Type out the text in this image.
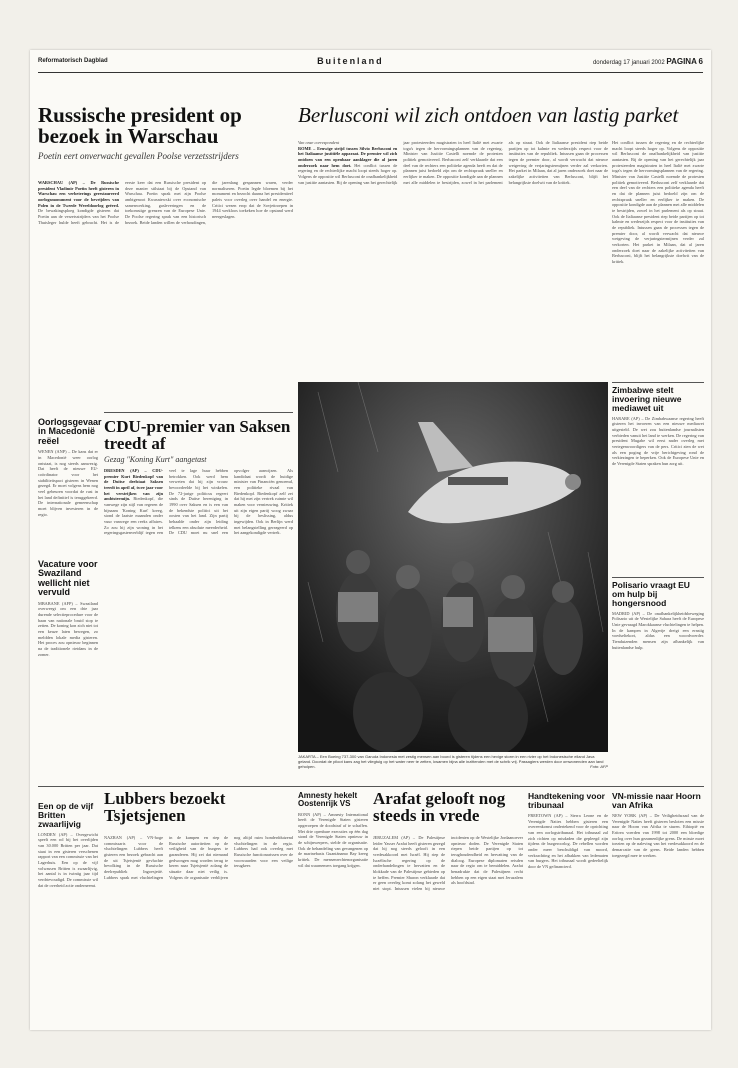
Reformatorisch Dagblad	Buitenland	donderdag 17 januari 2002 PAGINA 6
Russische president op bezoek in Warschau
Poetin eert onverwacht gevallen Poolse verzetsstrijders
WARSCHAU (AP) – De Russische president Vladimir Poetin heeft gisteren in Warschau een verbeterings gerestaureerd oorlogsmonument voor de bevrijders van Polen in de Tweede Wereldoorlog geëerd. De bewakingsploeg kondigde gisteren dat Poetin aan de verzetsstrijders van het Poolse Thuisleger hulde heeft gebracht. Het is de eerste keer dat een Russische president op deze manier stilstaat bij de Opstand van Warschau. Poetin sprak met zijn Poolse ambtgenoot Kwasniewski over economische samenwerking, gasleveringen en de toekomstige grenzen van de Europese Unie. De Poolse regering sprak van een historisch bezoek. Beide landen willen de verhoudingen, die jarenlang gespannen waren, verder normaliseren. Poetin legde bloemen bij het monument en bezocht daarna het presidentieel paleis voor overleg over handel en energie. Critici wezen erop dat de Sovjettroepen in 1944 werkloos toekeken hoe de opstand werd neergeslagen.
Berlusconi wil zich ontdoen van lastig parket
Van onze correspondent
ROME – Eeuwige strijd tussen Silvio Berlusconi en het Italiaanse justitiële apparaat. De premier wil zich ontdoen van een openbaar aanklager die al jaren onderzoek naar hem doet. Het conflict tussen de regering en de rechterlijke macht loopt steeds hoger op. Volgens de oppositie wil Berlusconi de onafhankelijkheid van justitie aantasten. Bij de opening van het gerechtelijk jaar protesteerden magistraten in heel Italië met zwarte toga's tegen de hervormingsplannen van de regering. Minister van Justitie Castelli noemde de protesten politiek gemotiveerd. Berlusconi zelf verklaarde dat een deel van de rechters een politieke agenda heeft en dat de plannen juist bedoeld zijn om de rechtspraak sneller en eerlijker te maken. De oppositie kondigde aan de plannen met alle middelen te bestrijden, zowel in het parlement als op straat. Ook de Italiaanse president riep beide partijen op tot kalmte en wederzijds respect voor de instituties van de republiek. Intussen gaan de processen tegen de premier door, al wordt verwacht dat nieuwe wetgeving de verjaringstermijnen verder zal verkorten. Het parket in Milaan, dat al jaren onderzoek doet naar de zakelijke activiteiten van Berlusconi, blijft het belangrijkste doelwit van de kritiek.
Het conflict tussen de regering en de rechterlijke macht loopt steeds hoger op. Volgens de oppositie wil Berlusconi de onafhankelijkheid van justitie aantasten. Bij de opening van het gerechtelijk jaar protesteerden magistraten in heel Italië met zwarte toga's tegen de hervormingsplannen van de regering. Minister van Justitie Castelli noemde de protesten politiek gemotiveerd. Berlusconi zelf verklaarde dat een deel van de rechters een politieke agenda heeft en dat de plannen juist bedoeld zijn om de rechtspraak sneller en eerlijker te maken. De oppositie kondigde aan de plannen met alle middelen te bestrijden, zowel in het parlement als op straat. Ook de Italiaanse president riep beide partijen op tot kalmte en wederzijds respect voor de instituties van de republiek. Intussen gaan de processen tegen de premier door, al wordt verwacht dat nieuwe wetgeving de verjaringstermijnen verder zal verkorten. Het parket in Milaan, dat al jaren onderzoek doet naar de zakelijke activiteiten van Berlusconi, blijft het belangrijkste doelwit van de kritiek.
Oorlogsgevaar in Macedonië reëel
WENEN (ANP) – De kans dat er in Macedonië weer oorlog ontstaat, is nog steeds aanwezig. Dat heeft de nieuwe EU-coördinator voor het stabiliteitspact gisteren in Wenen gezegd. Er moet volgens hem nog veel gebeuren voordat de rust in het land definitief is teruggekeerd. De internationale gemeenschap moet blijven investeren in de regio.
Vacature voor Swaziland wellicht niet vervuld
MBABANE (AFP) – Swaziland overweegt om een drie jaar durende selectieprocedure voor de baan van nationale bruid stop te zetten. De koning kon zich niet tot een keuze laten bewegen, zo meldden lokale media gisteren. Het proces zou opnieuw beginnen na de traditionele rietdans in de zomer.
CDU-premier van Saksen treedt af
Gezag "Koning Kurt" aangetast
DRESDEN (AP) – CDU-premier Kurt Biedenkopf van de Duitse deelstaat Saksen treedt in april af, twee jaar voor het verstrijken van zijn ambtstermijn. Biedenkopf, die vanwege zijn stijl van regeren de bijnaam 'Koning Kurt' kreeg, stond de laatste maanden onder vuur vanwege een reeks affaires. Zo zou hij zijn woning in het regeringsgastenverblijf tegen een veel te lage huur hebben betrokken. Ook werd hem verweten dat hij zijn vrouw bevoordeelde bij het winkelen. De 72-jarige politicus regeert sinds de Duitse hereniging in 1990 over Saksen en is een van de bekendste politici uit het oosten van het land. Zijn partij behaalde onder zijn leiding telkens een absolute meerderheid. De CDU moet nu snel een opvolger aanwijzen. Als kandidaat wordt de huidige minister van Financiën genoemd, een politieke rivaal van Biedenkopf. Biedenkopf zelf zei dat hij met zijn vertrek ruimte wil maken voor vernieuwing. Kritiek uit zijn eigen partij woog zwaar bij de beslissing, aldus ingewijden. Ook in Berlijn werd met belangstelling gereageerd op het aangekondigde vertrek.
JAKARTA – Een Boeing 737-300 van Garuda Indonesia met zestig mensen aan boord is gisteren tijdens een hevige storm in een rivier op het Indonesische eiland Java geland. Doordat de piloot kans zag het vliegtuig op het water neer te zetten, kwamen bijna alle inzittenden met de schrik vrij. Passagiers werden door omwonenden aan land geholpen.	Foto: AFP
Zimbabwe stelt invoering nieuwe mediawet uit
HARARE (AP) – De Zimbabwaanse regering heeft gisteren het invoeren van een nieuwe mediawet uitgesteld. De wet zou buitenlandse journalisten verbieden vanuit het land te werken. De regering van president Mugabe wil eerst nader overleg met vertegenwoordigers van de pers. Critici zien de wet als een poging de vrije berichtgeving rond de verkiezingen te beperken. Ook de Europese Unie en de Verenigde Staten spraken hun zorg uit.
Polisario vraagt EU om hulp bij hongersnood
MADRID (AP) – De onafhankelijkheidsbeweging Polisario uit de Westelijke Sahara heeft de Europese Unie gevraagd Marokkaanse vluchtelingen te helpen. In de kampen in Algerije dreigt een ernstig voedseltekort, aldus een woordvoerder. Tienduizenden mensen zijn afhankelijk van buitenlandse hulp.
Een op de vijf Britten zwaarlijvig
LONDEN (AP) – Overgewicht speelt een rol bij het overlijden van 30.000 Britten per jaar. Dat staat in een gisteren verschenen rapport van een commissie van het Lagerhuis. Een op de vijf volwassen Britten is zwaarlijvig, het aantal is in twintig jaar tijd verdrievoudigd. De commissie wil dat de overheid actie onderneemt.
Lubbers bezoekt Tsjetsjenen
NAZRAN (AP) – VN-hoge commissaris voor de vluchtelingen Lubbers heeft gisteren een bezoek gebracht aan de uit Tsjetsjenië gevluchte bevolking in de Russische deelrepubliek Ingoesjetië. Lubbers sprak met vluchtelingen in de kampen en riep de Russische autoriteiten op de veiligheid van de burgers te garanderen. Hij zei dat niemand gedwongen mag worden terug te keren naar Tsjetsjenië zolang de situatie daar niet veilig is. Volgens de organisatie verblijven nog altijd ruim honderdduizend vluchtelingen in de regio. Lubbers had ook overleg met Russische functionarissen over de voorwaarden voor een veilige terugkeer.
Amnesty hekelt Oostenrijk VS
BONN (AP) – Amnesty International heeft de Verenigde Staten gisteren opgeroepen de doodstraf af te schaffen. Met drie openbare executies op één dag stond de Verenigde Staten opnieuw in de schijnwerpers, stelde de organisatie. Ook de behandeling van gevangenen op de marinebasis Guantánamo Bay kreeg kritiek. De mensenrechtenorganisatie wil dat waarnemers toegang krijgen.
Arafat gelooft nog steeds in vrede
JERUZALEM (AP) – De Palestijnse leider Yasser Arafat heeft gisteren gezegd dat hij nog steeds gelooft in een vredesakkoord met Israël. Hij riep de Israëlische regering op de onderhandelingen te hervatten en de blokkade van de Palestijnse gebieden op te heffen. Premier Sharon verklaarde dat er geen overleg komt zolang het geweld niet stopt. Intussen vielen bij nieuwe incidenten op de Westelijke Jordaanoever opnieuw doden. De Verenigde Staten riepen beide partijen op tot terughoudendheid en hervatting van de dialoog. Europese diplomaten reisden naar de regio om te bemiddelen. Arafat benadrukte dat de Palestijnen recht hebben op een eigen staat met Jeruzalem als hoofdstad.
Handtekening voor tribunaal
FREETOWN (AP) – Sierra Leone en de Verenigde Naties hebben gisteren een overeenkomst ondertekend voor de oprichting van een oorlogstribunaal. Het tribunaal zal zich richten op misdaden die gepleegd zijn tijdens de burgeroorlog. De rebellen worden onder meer beschuldigd van moord, verkrachting en het afhakken van ledematen van burgers. Het tribunaal wordt gedeeltelijk door de VN gefinancierd.
VN-missie naar Hoorn van Afrika
NEW YORK (AP) – De Veiligheidsraad van de Verenigde Naties heeft gisteren besloten een missie naar de Hoorn van Afrika te sturen. Ethiopië en Eritrea voerden van 1998 tot 2000 een bloedige oorlog over hun gezamenlijke grens. De missie moet toezien op de naleving van het vredesakkoord en de demarcatie van de grens. Beide landen hebben toegezegd mee te werken.
